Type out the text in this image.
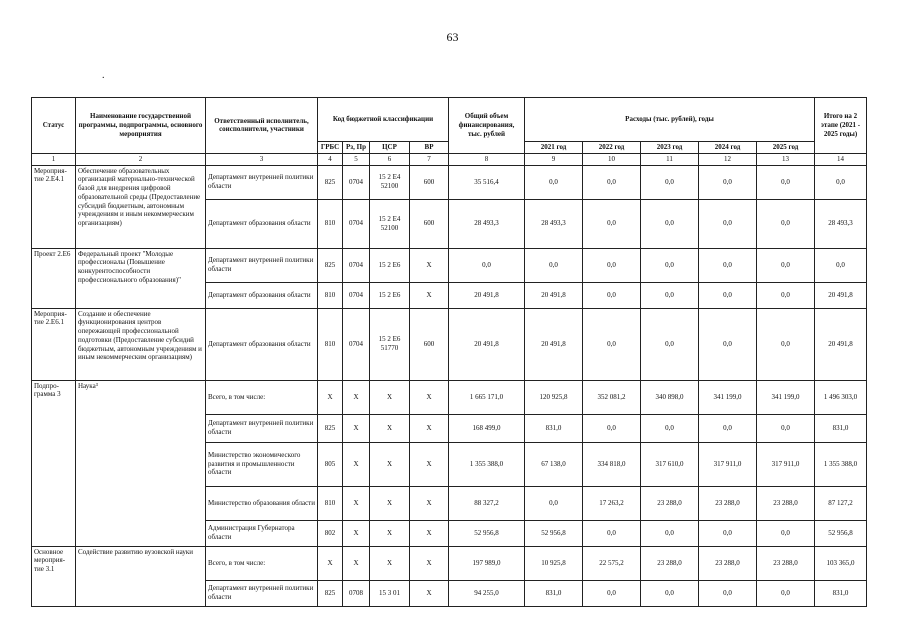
63
.
Статус	Наименование государственной программы, подпрограммы, основного мероприятия	Ответственный исполнитель, соисполнители, участники	Код бюджетной классификации				Общий объем финансирования, тыс. рублей	Расходы (тыс. рублей), годы					Итого на 2 этапе (2021 - 2025 годы)
			ГРБС	Рз, Пр	ЦСР	ВР		2021 год	2022 год	2023 год	2024 год	2025 год	
1	2	3	4	5	6	7	8	9	10	11	12	13	14
Мероприя-тие 2.Е4.1	Обеспечение образовательных организаций материально-технической базой для внедрения цифровой образовательной среды (Предоставление субсидий бюджетным, автономным учреждениям и иным некоммерческим организациям)	Департамент внутренней политики области	825	0704	15 2 Е4 52100	600	35 516,4	0,0	0,0	0,0	0,0	0,0	0,0
		Департамент образования области	810	0704	15 2 Е4 52100	600	28 493,3	28 493,3	0,0	0,0	0,0	0,0	28 493,3
Проект 2.Е6	Федеральный проект "Молодые профессионалы (Повышение конкурентоспособности профессионального образования)"	Департамент внутренней политики области	825	0704	15 2 Е6	Х	0,0	0,0	0,0	0,0	0,0	0,0	0,0
		Департамент образования области	810	0704	15 2 Е6	Х	20 491,8	20 491,8	0,0	0,0	0,0	0,0	20 491,8
Мероприя-тие 2.Е6.1	Создание и обеспечение функционирования центров опережающей профессиональной подготовки (Предоставление субсидий бюджетным, автономным учреждениям и иным некоммерческим организациям)	Департамент образования области	810	0704	15 2 Е6 51770	600	20 491,8	20 491,8	0,0	0,0	0,0	0,0	20 491,8
Подпро-грамма 3	Наука³	Всего, в том числе:	Х	Х	Х	Х	1 665 171,0	120 925,8	352 081,2	340 898,0	341 199,0	341 199,0	1 496 303,0
		Департамент внутренней политики области	825	Х	Х	Х	168 499,0	831,0	0,0	0,0	0,0	0,0	831,0
		Министерство экономического развития и промышленности области	805	Х	Х	Х	1 355 388,0	67 138,0	334 818,0	317 610,0	317 911,0	317 911,0	1 355 388,0
		Министерство образования области	810	Х	Х	Х	88 327,2	0,0	17 263,2	23 288,0	23 288,0	23 288,0	87 127,2
		Администрация Губернатора области	802	Х	Х	Х	52 956,8	52 956,8	0,0	0,0	0,0	0,0	52 956,8
Основное мероприя-тие 3.1	Содействие развитию вузовской науки	Всего, в том числе:	Х	Х	Х	Х	197 989,0	10 925,8	22 575,2	23 288,0	23 288,0	23 288,0	103 365,0
		Департамент внутренней политики области	825	0708	15 3 01	Х	94 255,0	831,0	0,0	0,0	0,0	0,0	831,0
